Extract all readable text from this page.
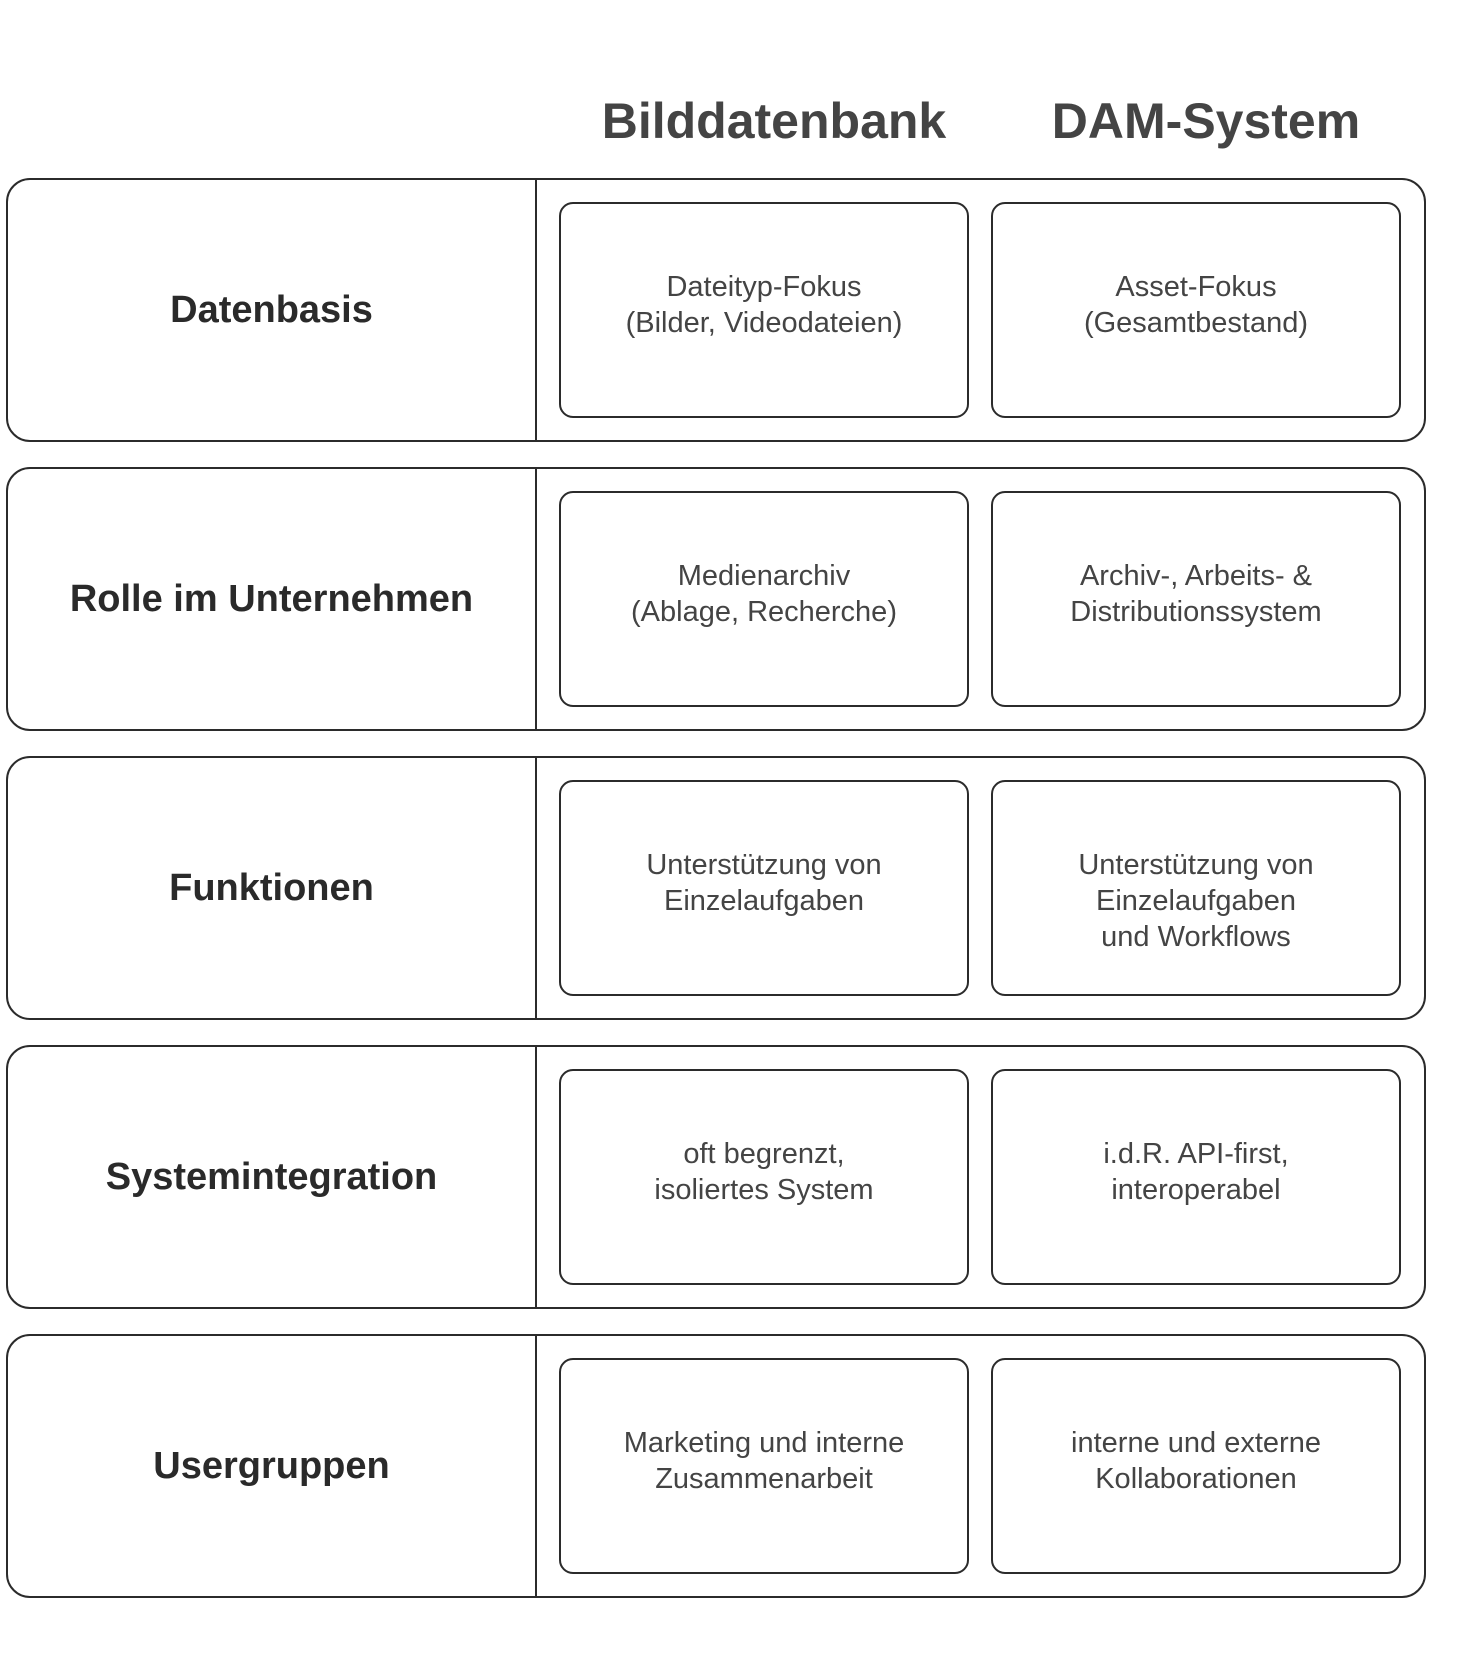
Bilddatenbank	DAM-System
Datenbasis
Dateityp-Fokus
(Bilder, Videodateien)
Asset-Fokus
(Gesamtbestand)
Rolle im Unternehmen
Medienarchiv
(Ablage, Recherche)
Archiv-, Arbeits- &
Distributionssystem
Funktionen
Unterstützung von
Einzelaufgaben
Unterstützung von
Einzelaufgaben
und Workflows
Systemintegration
oft begrenzt,
isoliertes System
i.d.R. API-first,
interoperabel
Usergruppen
Marketing und interne
Zusammenarbeit
interne und externe
Kollaborationen
